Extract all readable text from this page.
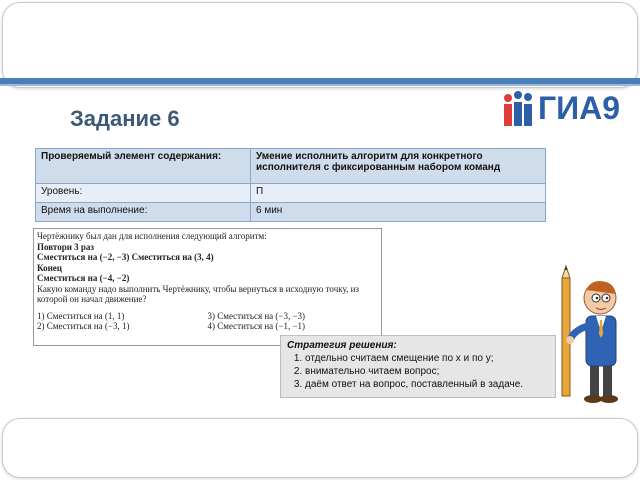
Задание 6	ГИА9
Проверяемый элемент содержания:	Умение исполнить алгоритм для конкретного исполнителя с фиксированным набором команд
Уровень:	П
Время на выполнение:	6 мин
Чертёжнику был дан для исполнения следующий алгоритм:
Повтори 3 раз
Сместиться на (−2, −3) Сместиться на (3, 4)
Конец
Сместиться на (−4, −2)
Какую команду надо выполнить Чертёжнику, чтобы вернуться в исходную точку, из которой он начал движение?
1) Сместиться на (1, 1)	3) Сместиться на (−3, −3)
2) Сместиться на (−3, 1)	4) Сместиться на (−1, −1)
Стратегия решения:
1. отдельно считаем смещение по x и по y;
2. внимательно читаем вопрос;
3. даём ответ на вопрос, поставленный в задаче.
